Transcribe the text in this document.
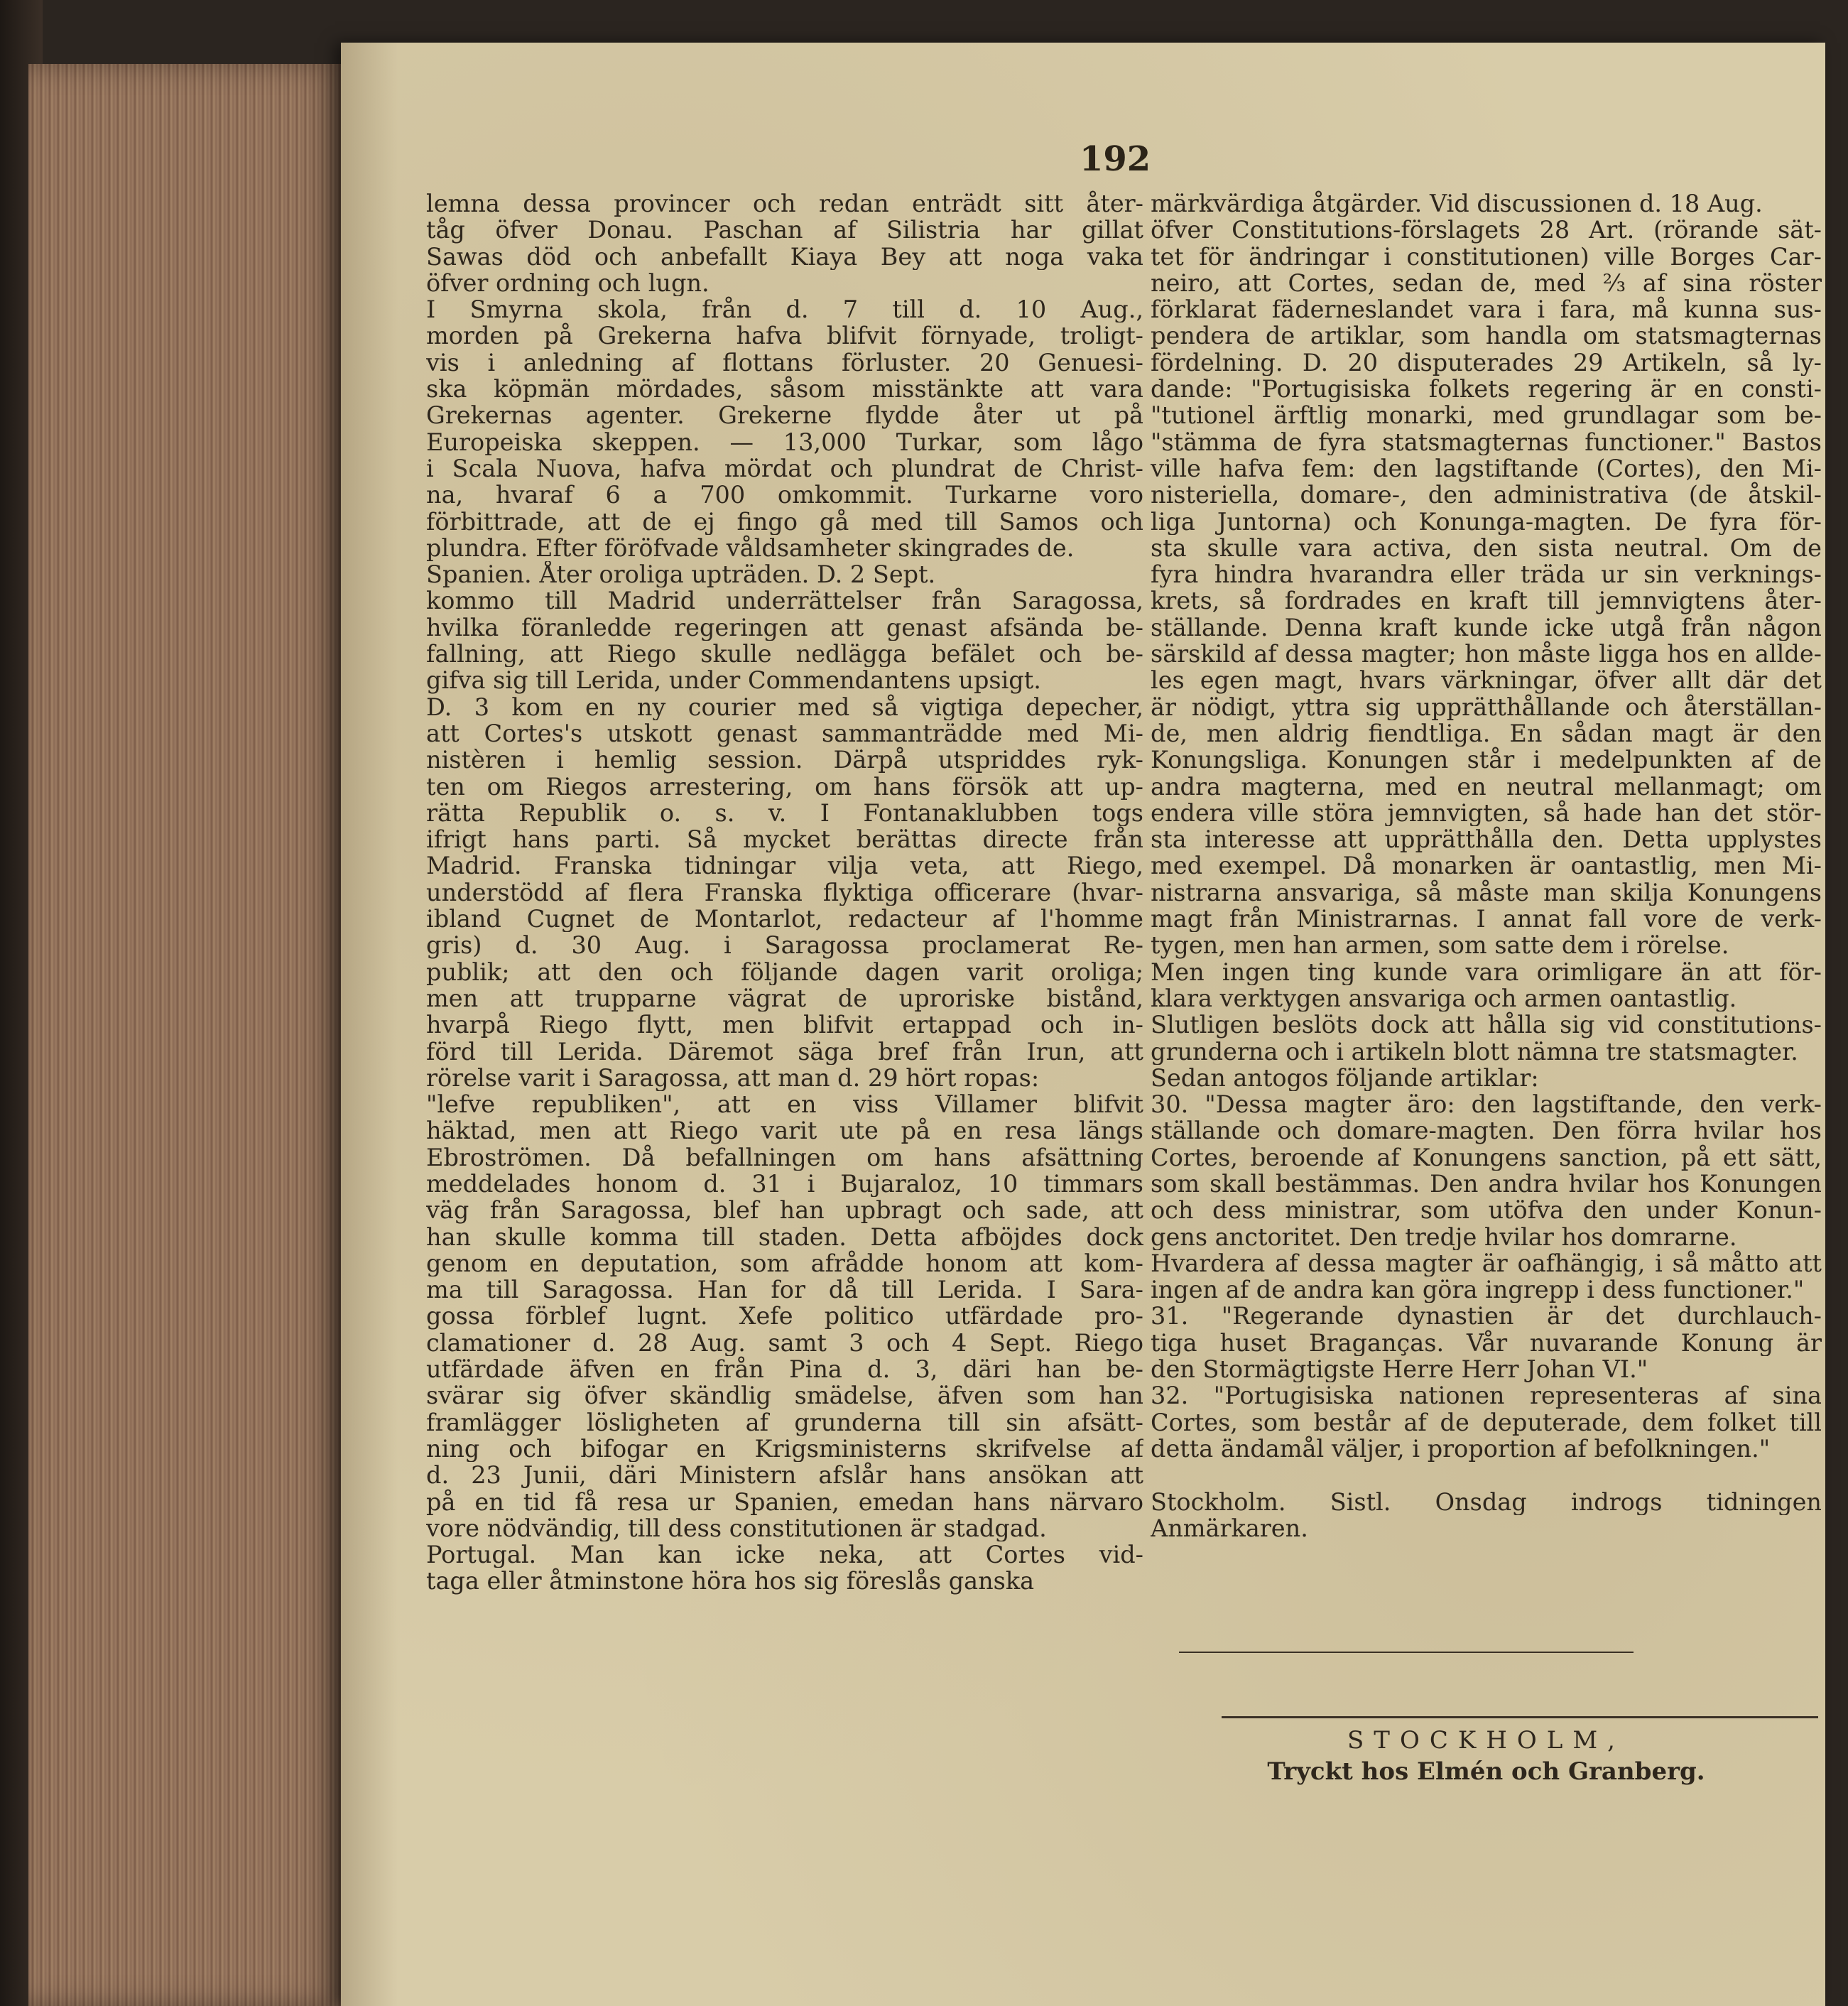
192
lemna dessa provincer och redan enträdt sitt åter-
tåg öfver Donau. Paschan af Silistria har gillat
Sawas död och anbefallt Kiaya Bey att noga vaka
öfver ordning och lugn.
I Smyrna skola, från d. 7 till d. 10 Aug.,
morden på Grekerna hafva blifvit förnyade, troligt-
vis i anledning af flottans förluster. 20 Genuesi-
ska köpmän mördades, såsom misstänkte att vara
Grekernas agenter. Grekerne flydde åter ut på
Europeiska skeppen. — 13,000 Turkar, som lågo
i Scala Nuova, hafva mördat och plundrat de Christ-
na, hvaraf 6 a 700 omkommit. Turkarne voro
förbittrade, att de ej fingo gå med till Samos och
plundra. Efter föröfvade våldsamheter skingrades de.
Spanien. Åter oroliga upträden. D. 2 Sept.
kommo till Madrid underrättelser från Saragossa,
hvilka föranledde regeringen att genast afsända be-
fallning, att Riego skulle nedlägga befälet och be-
gifva sig till Lerida, under Commendantens upsigt.
D. 3 kom en ny courier med så vigtiga depecher,
att Cortes's utskott genast sammanträdde med Mi-
nistèren i hemlig session. Därpå utspriddes ryk-
ten om Riegos arrestering, om hans försök att up-
rätta Republik o. s. v. I Fontanaklubben togs
ifrigt hans parti. Så mycket berättas directe från
Madrid. Franska tidningar vilja veta, att Riego,
understödd af flera Franska flyktiga officerare (hvar-
ibland Cugnet de Montarlot, redacteur af l'homme
gris) d. 30 Aug. i Saragossa proclamerat Re-
publik; att den och följande dagen varit oroliga;
men att trupparne vägrat de uproriske bistånd,
hvarpå Riego flytt, men blifvit ertappad och in-
förd till Lerida. Däremot säga bref från Irun, att
rörelse varit i Saragossa, att man d. 29 hört ropas:
"lefve republiken", att en viss Villamer blifvit
häktad, men att Riego varit ute på en resa längs
Ebroströmen. Då befallningen om hans afsättning
meddelades honom d. 31 i Bujaraloz, 10 timmars
väg från Saragossa, blef han upbragt och sade, att
han skulle komma till staden. Detta afböjdes dock
genom en deputation, som afrådde honom att kom-
ma till Saragossa. Han for då till Lerida. I Sara-
gossa förblef lugnt. Xefe politico utfärdade pro-
clamationer d. 28 Aug. samt 3 och 4 Sept. Riego
utfärdade äfven en från Pina d. 3, däri han be-
svärar sig öfver skändlig smädelse, äfven som han
framlägger lösligheten af grunderna till sin afsätt-
ning och bifogar en Krigsministerns skrifvelse af
d. 23 Junii, däri Ministern afslår hans ansökan att
på en tid få resa ur Spanien, emedan hans närvaro
vore nödvändig, till dess constitutionen är stadgad.
Portugal. Man kan icke neka, att Cortes vid-
taga eller åtminstone höra hos sig föreslås ganska
märkvärdiga åtgärder. Vid discussionen d. 18 Aug.
öfver Constitutions-förslagets 28 Art. (rörande sät-
tet för ändringar i constitutionen) ville Borges Car-
neiro, att Cortes, sedan de, med ⅔ af sina röster
förklarat fäderneslandet vara i fara, må kunna sus-
pendera de artiklar, som handla om statsmagternas
fördelning. D. 20 disputerades 29 Artikeln, så ly-
dande: "Portugisiska folkets regering är en consti-
"tutionel ärftlig monarki, med grundlagar som be-
"stämma de fyra statsmagternas functioner." Bastos
ville hafva fem: den lagstiftande (Cortes), den Mi-
nisteriella, domare-, den administrativa (de åtskil-
liga Juntorna) och Konunga-magten. De fyra för-
sta skulle vara activa, den sista neutral. Om de
fyra hindra hvarandra eller träda ur sin verknings-
krets, så fordrades en kraft till jemnvigtens åter-
ställande. Denna kraft kunde icke utgå från någon
särskild af dessa magter; hon måste ligga hos en allde-
les egen magt, hvars värkningar, öfver allt där det
är nödigt, yttra sig upprätthållande och återställan-
de, men aldrig fiendtliga. En sådan magt är den
Konungsliga. Konungen står i medelpunkten af de
andra magterna, med en neutral mellanmagt; om
endera ville störa jemnvigten, så hade han det stör-
sta interesse att upprätthålla den. Detta upplystes
med exempel. Då monarken är oantastlig, men Mi-
nistrarna ansvariga, så måste man skilja Konungens
magt från Ministrarnas. I annat fall vore de verk-
tygen, men han armen, som satte dem i rörelse.
Men ingen ting kunde vara orimligare än att för-
klara verktygen ansvariga och armen oantastlig.
Slutligen beslöts dock att hålla sig vid constitutions-
grunderna och i artikeln blott nämna tre statsmagter.
Sedan antogos följande artiklar:
30. "Dessa magter äro: den lagstiftande, den verk-
ställande och domare-magten. Den förra hvilar hos
Cortes, beroende af Konungens sanction, på ett sätt,
som skall bestämmas. Den andra hvilar hos Konungen
och dess ministrar, som utöfva den under Konun-
gens anctoritet. Den tredje hvilar hos domrarne.
Hvardera af dessa magter är oafhängig, i så måtto att
ingen af de andra kan göra ingrepp i dess functioner."
31. "Regerande dynastien är det durchlauch-
tiga huset Braganças. Vår nuvarande Konung är
den Stormägtigste Herre Herr Johan VI."
32. "Portugisiska nationen representeras af sina
Cortes, som består af de deputerade, dem folket till
detta ändamål väljer, i proportion af befolkningen."
Stockholm. Sistl. Onsdag indrogs tidningen
Anmärkaren.
STOCKHOLM,
Tryckt hos Elmén och Granberg.
